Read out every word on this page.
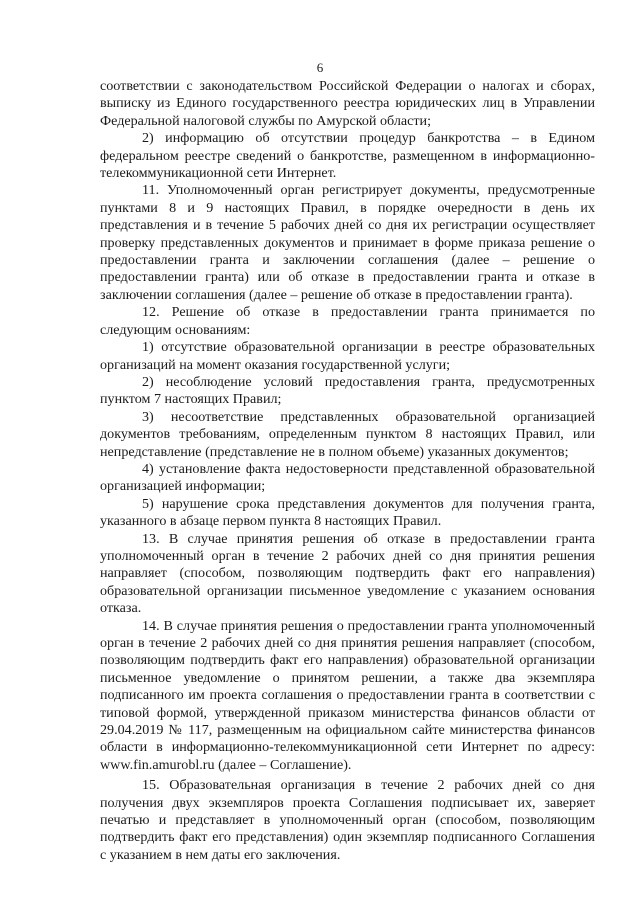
6

соответствии с законодательством Российской Федерации о налогах и сборах, выписку из Единого государственного реестра юридических лиц в Управлении Федеральной налоговой службы по Амурской области;

2) информацию об отсутствии процедур банкротства – в Едином федеральном реестре сведений о банкротстве, размещенном в информационно-телекоммуникационной сети Интернет.

11. Уполномоченный орган регистрирует документы, предусмотренные пунктами 8 и 9 настоящих Правил, в порядке очередности в день их представления и в течение 5 рабочих дней со дня их регистрации осуществляет проверку представленных документов и принимает в форме приказа решение о предоставлении гранта и заключении соглашения (далее – решение о предоставлении гранта) или об отказе в предоставлении гранта и отказе в заключении соглашения (далее – решение об отказе в предоставлении гранта).

12. Решение об отказе в предоставлении гранта принимается по следующим основаниям:

1) отсутствие образовательной организации в реестре образовательных организаций на момент оказания государственной услуги;

2) несоблюдение условий предоставления гранта, предусмотренных пунктом 7 настоящих Правил;

3) несоответствие представленных образовательной организацией документов требованиям, определенным пунктом 8 настоящих Правил, или непредставление (представление не в полном объеме) указанных документов;

4) установление факта недостоверности представленной образовательной организацией информации;

5) нарушение срока представления документов для получения гранта, указанного в абзаце первом пункта 8 настоящих Правил.

13. В случае принятия решения об отказе в предоставлении гранта уполномоченный орган в течение 2 рабочих дней со дня принятия решения направляет (способом, позволяющим подтвердить факт его направления) образовательной организации письменное уведомление с указанием основания отказа.

14. В случае принятия решения о предоставлении гранта уполномоченный орган в течение 2 рабочих дней со дня принятия решения направляет (способом, позволяющим подтвердить факт его направления) образовательной организации письменное уведомление о принятом решении, а также два экземпляра подписанного им проекта соглашения о предоставлении гранта в соответствии с типовой формой, утвержденной приказом министерства финансов области от 29.04.2019 № 117, размещенным на официальном сайте министерства финансов области в информационно-телекоммуникационной сети Интернет по адресу: www.fin.amurobl.ru (далее – Соглашение).

15. Образовательная организация в течение 2 рабочих дней со дня получения двух экземпляров проекта Соглашения подписывает их, заверяет печатью и представляет в уполномоченный орган (способом, позволяющим подтвердить факт его представления) один экземпляр подписанного Соглашения с указанием в нем даты его заключения.
